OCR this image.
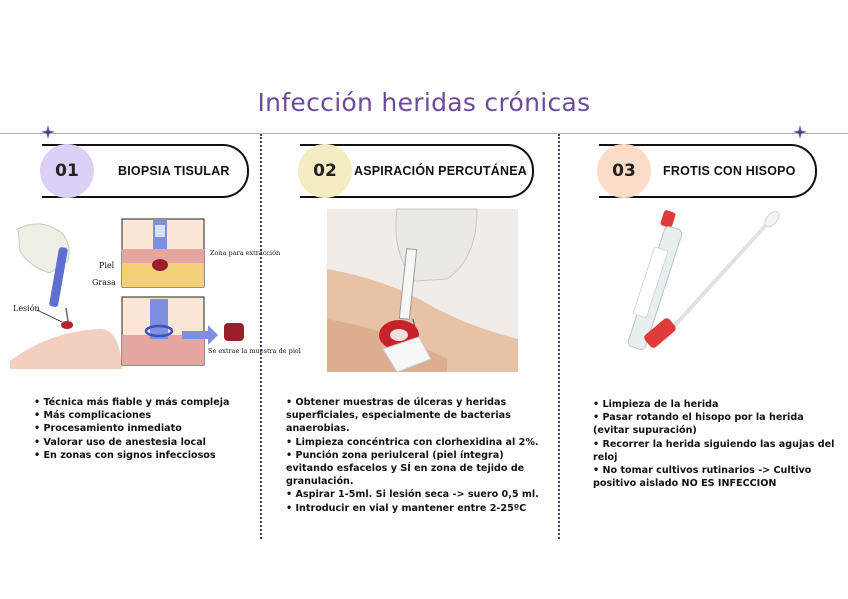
Infección heridas crónicas
01	BIOPSIA TISULAR	02	ASPIRACIÓN PERCUTÁNEA	03	FROTIS CON HISOPO
Lesión
Piel
Grasa
Zona para extracción
Se extrae la muestra de piel
• Técnica más fiable y más compleja
• Más complicaciones
• Procesamiento inmediato
• Valorar uso de anestesia local
• En zonas con signos infecciosos
• Obtener muestras de úlceras y heridas superficiales, especialmente de bacterias anaerobias.
• Limpieza concéntrica con clorhexidina al 2%.
• Punción zona periulceral (piel íntegra) evitando esfacelos y SÍ en zona de tejido de granulación.
• Aspirar 1-5ml. Si lesión seca -> suero 0,5 ml.
• Introducir en vial y mantener entre 2-25ºC
• Limpieza de la herida
• Pasar rotando el hisopo por la herida (evitar supuración)
• Recorrer la herida siguiendo las agujas del reloj
• No tomar cultivos rutinarios -> Cultivo positivo aislado NO ES INFECCION
